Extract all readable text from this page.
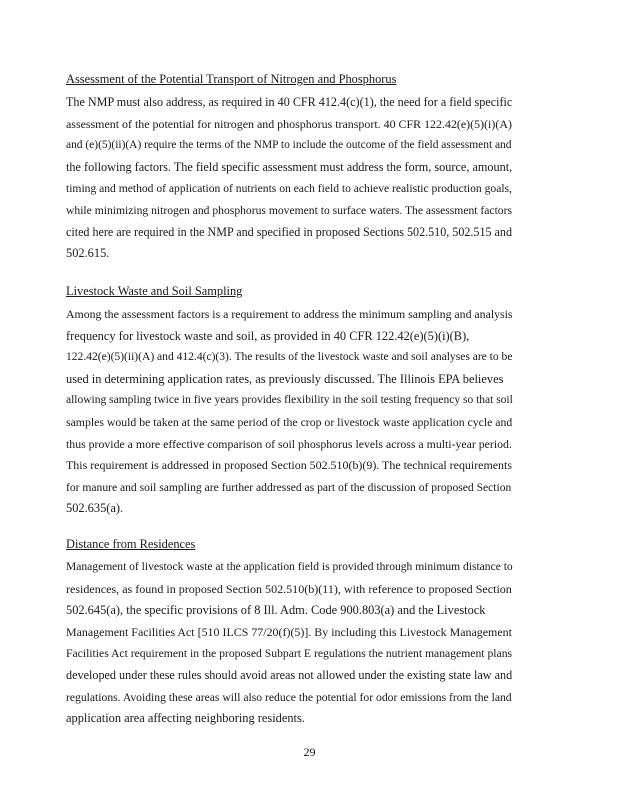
Assessment of the Potential Transport of Nitrogen and Phosphorus

The NMP must also address, as required in 40 CFR 412.4(c)(1), the need for a field specific
assessment of the potential for nitrogen and phosphorus transport. 40 CFR 122.42(e)(5)(i)(A)
and (e)(5)(ii)(A) require the terms of the NMP to include the outcome of the field assessment and
the following factors. The field specific assessment must address the form, source, amount,
timing and method of application of nutrients on each field to achieve realistic production goals,
while minimizing nitrogen and phosphorus movement to surface waters. The assessment factors
cited here are required in the NMP and specified in proposed Sections 502.510, 502.515 and
502.615.

Livestock Waste and Soil Sampling

Among the assessment factors is a requirement to address the minimum sampling and analysis
frequency for livestock waste and soil, as provided in 40 CFR 122.42(e)(5)(i)(B),
122.42(e)(5)(ii)(A) and 412.4(c)(3). The results of the livestock waste and soil analyses are to be
used in determining application rates, as previously discussed. The Illinois EPA believes
allowing sampling twice in five years provides flexibility in the soil testing frequency so that soil
samples would be taken at the same period of the crop or livestock waste application cycle and
thus provide a more effective comparison of soil phosphorus levels across a multi-year period.
This requirement is addressed in proposed Section 502.510(b)(9). The technical requirements
for manure and soil sampling are further addressed as part of the discussion of proposed Section
502.635(a).

Distance from Residences

Management of livestock waste at the application field is provided through minimum distance to
residences, as found in proposed Section 502.510(b)(11), with reference to proposed Section
502.645(a), the specific provisions of 8 Ill. Adm. Code 900.803(a) and the Livestock
Management Facilities Act [510 ILCS 77/20(f)(5)]. By including this Livestock Management
Facilities Act requirement in the proposed Subpart E regulations the nutrient management plans
developed under these rules should avoid areas not allowed under the existing state law and
regulations. Avoiding these areas will also reduce the potential for odor emissions from the land
application area affecting neighboring residents.
29
